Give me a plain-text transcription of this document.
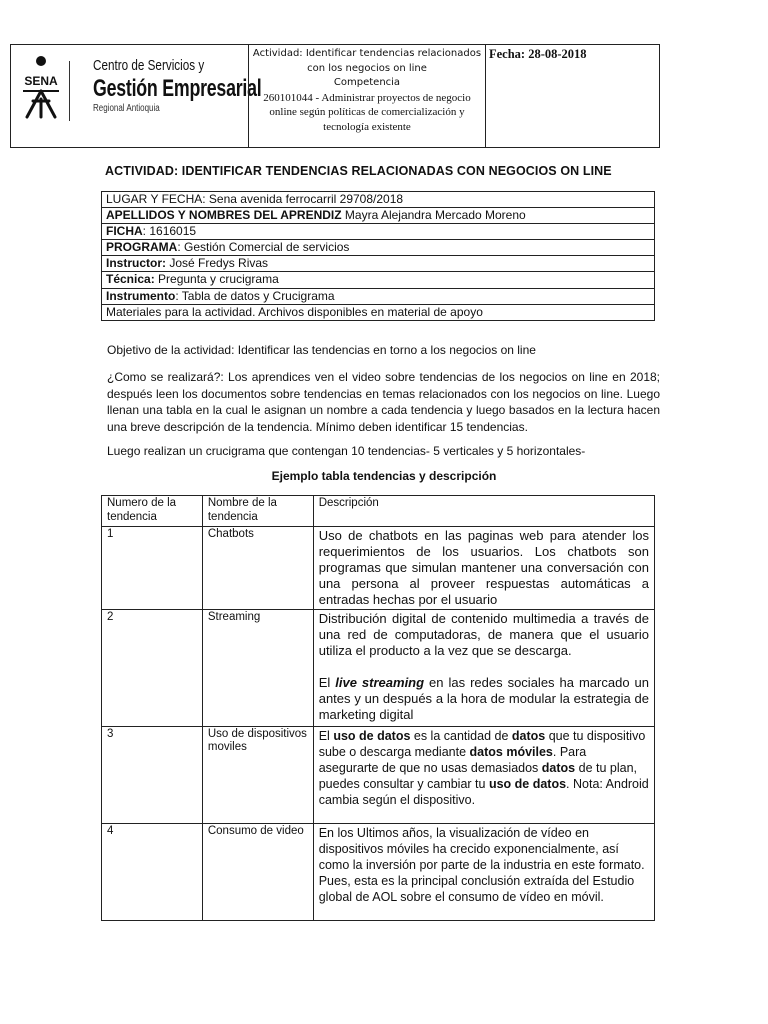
SENA
Centro de Servicios y
Gestión Empresarial
Regional Antioquia
Actividad: Identificar tendencias relacionados
con los negocios on line
Competencia
260101044 - Administrar proyectos de negocio
online según políticas de comercialización y
tecnología existente
Fecha: 28-08-2018
ACTIVIDAD: IDENTIFICAR TENDENCIAS RELACIONADAS CON NEGOCIOS ON LINE
LUGAR Y FECHA: Sena avenida ferrocarril 29708/2018
APELLIDOS Y NOMBRES DEL APRENDIZ Mayra Alejandra Mercado Moreno
FICHA: 1616015
PROGRAMA: Gestión Comercial de servicios
Instructor: José Fredys Rivas
Técnica: Pregunta y crucigrama
Instrumento: Tabla de datos y Crucigrama
Materiales para la actividad. Archivos disponibles en material de apoyo
Objetivo de la actividad: Identificar las tendencias en torno a los negocios on line
¿Como se realizará?: Los aprendices ven el video sobre tendencias de los negocios on line en 2018; después leen los documentos sobre tendencias en temas relacionados con los negocios on line. Luego llenan una tabla en la cual le asignan un nombre a cada tendencia y luego basados en la lectura hacen una breve descripción de la tendencia. Mínimo deben identificar 15 tendencias.
Luego realizan un crucigrama que contengan 10 tendencias- 5 verticales y 5 horizontales-
Ejemplo tabla tendencias y descripción
Numero de la tendencia	Nombre de la tendencia	Descripción
1	Chatbots	Uso de chatbots en las paginas web para atender los requerimientos de los usuarios. Los chatbots son programas que simulan mantener una conversación con una persona al proveer respuestas automáticas a entradas hechas por el usuario
2	Streaming	Distribución digital de contenido multimedia a través de una red de computadoras, de manera que el usuario utiliza el producto a la vez que se descarga.

El live streaming en las redes sociales ha marcado un antes y un después a la hora de modular la estrategia de marketing digital

3	Uso de dispositivos moviles	El uso de datos es la cantidad de datos que tu dispositivo sube o descarga mediante datos móviles. Para asegurarte de que no usas demasiados datos de tu plan, puedes consultar y cambiar tu uso de datos. Nota: Android cambia según el dispositivo.
4	Consumo de video	En los Ultimos años, la visualización de vídeo en dispositivos móviles ha crecido exponencialmente, así como la inversión por parte de la industria en este formato. Pues, esta es la principal conclusión extraída del Estudio global de AOL sobre el consumo de vídeo en móvil.
